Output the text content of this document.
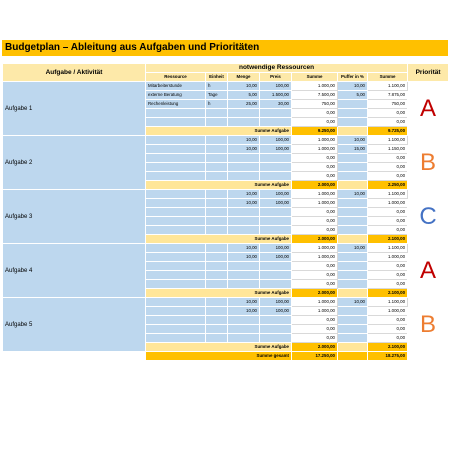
Budgetplan – Ableitung aus Aufgaben und Prioritäten
Aufgabe / Aktivität	notwendige Ressourcen							Priorität
	Ressource	Einheit	Menge	Preis	Summe	Puffer in %	Summe	
Aufgabe 1	Mitarbeiterstunde	h	10,00	100,00	1.000,00	10,00	1.100,00	A
	externe Beratung	Tage	5,00	1.500,00	7.500,00	5,00	7.875,00	
	Rechenleistung	h	25,00	30,00	750,00		750,00	
					0,00		0,00	
					0,00		0,00	
	Summe Aufgabe				9.250,00		9.725,00	
Aufgabe 2			10,00	100,00	1.000,00	10,00	1.100,00	B
			10,00	100,00	1.000,00	15,00	1.150,00	
					0,00		0,00	
					0,00		0,00	
					0,00		0,00	
	Summe Aufgabe				2.000,00		2.250,00	
Aufgabe 3			10,00	100,00	1.000,00	10,00	1.100,00	C
			10,00	100,00	1.000,00		1.000,00	
					0,00		0,00	
					0,00		0,00	
					0,00		0,00	
	Summe Aufgabe				2.000,00		2.100,00	
Aufgabe 4			10,00	100,00	1.000,00	10,00	1.100,00	A
			10,00	100,00	1.000,00		1.000,00	
					0,00		0,00	
					0,00		0,00	
					0,00		0,00	
	Summe Aufgabe				2.000,00		2.100,00	
Aufgabe 5			10,00	100,00	1.000,00	10,00	1.100,00	B
			10,00	100,00	1.000,00		1.000,00	
					0,00		0,00	
					0,00		0,00	
					0,00		0,00	
	Summe Aufgabe				2.000,00		2.100,00	
	Summe gesamt				17.250,00		18.275,00	
